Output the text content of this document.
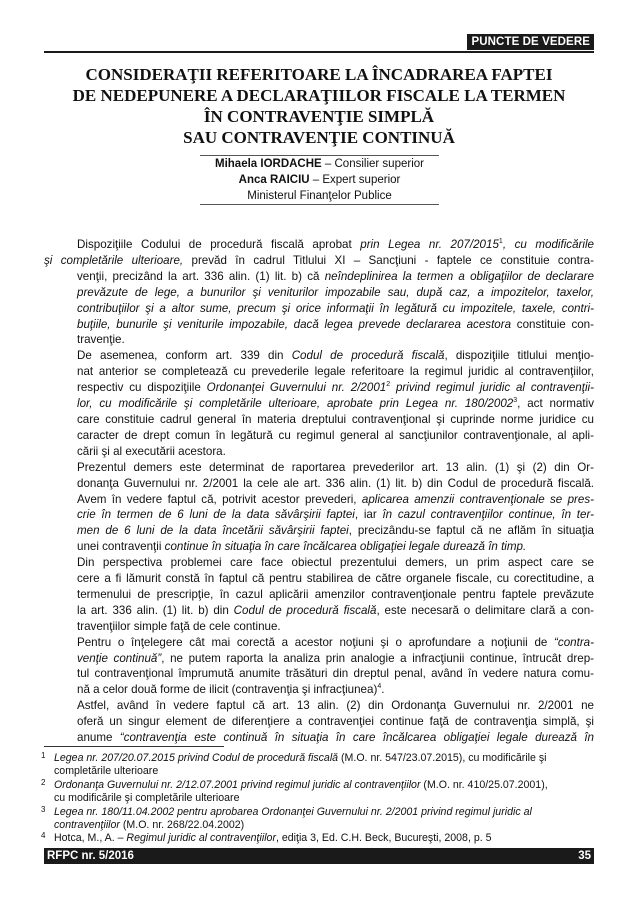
PUNCTE DE VEDERE
CONSIDERAŢII REFERITOARE LA ÎNCADRAREA FAPTEI
DE NEDEPUNERE A DECLARAŢIILOR FISCALE LA TERMEN
ÎN CONTRAVENŢIE SIMPLĂ
SAU CONTRAVENŢIE CONTINUĂ
Mihaela IORDACHE – Consilier superior
Anca RAICIU – Expert superior
Ministerul Finanţelor Publice

Dispoziţiile Codului de procedură fiscală aprobat prin Legea nr. 207/2015$^1$, cu modificările
şi completările ulterioare, prevăd în cadrul Titlului XI – Sancţiuni - faptele ce constituie contra-
venţii, precizând la art. 336 alin. (1) lit. b) că neîndeplinirea la termen a obligaţiilor de declarare
prevăzute de lege, a bunurilor şi veniturilor impozabile sau, după caz, a impozitelor, taxelor,
contribuţiilor şi a altor sume, precum şi orice informaţii în legătură cu impozitele, taxele, contri-
buţiile, bunurile şi veniturile impozabile, dacă legea prevede declararea acestora constituie con-
travenţie.

De asemenea, conform art. 339 din Codul de procedură fiscală, dispoziţiile titlului menţio-
nat anterior se completează cu prevederile legale referitoare la regimul juridic al contravenţiilor,
respectiv cu dispoziţiile Ordonanţei Guvernului nr. 2/2001$^2$ privind regimul juridic al contravenţii-
lor, cu modificările şi completările ulterioare, aprobate prin Legea nr. 180/2002$^3$, act normativ
care constituie cadrul general în materia dreptului contravenţional şi cuprinde norme juridice cu
caracter de drept comun în legătură cu regimul general al sancţiunilor contravenţionale, al apli-
cării şi al executării acestora.

Prezentul demers este determinat de raportarea prevederilor art. 13 alin. (1) şi (2) din Or-
donanţa Guvernului nr. 2/2001 la cele ale art. 336 alin. (1) lit. b) din Codul de procedură fiscală.
Avem în vedere faptul că, potrivit acestor prevederi, aplicarea amenzii contravenţionale se pres-
crie în termen de 6 luni de la data săvârşirii faptei, iar în cazul contravenţiilor continue, în ter-
men de 6 luni de la data încetării săvârşirii faptei, precizându-se faptul că ne aflăm în situaţia
unei contravenţii continue în situaţia în care încălcarea obligaţiei legale durează în timp.

Din perspectiva problemei care face obiectul prezentului demers, un prim aspect care se
cere a fi lămurit constă în faptul că pentru stabilirea de către organele fiscale, cu corectitudine, a
termenului de prescripţie, în cazul aplicării amenzilor contravenţionale pentru faptele prevăzute
la art. 336 alin. (1) lit. b) din Codul de procedură fiscală, este necesară o delimitare clară a con-
travenţiilor simple faţă de cele continue.

Pentru o înţelegere cât mai corectă a acestor noţiuni şi o aprofundare a noţiunii de “contra-
venţie continuă”, ne putem raporta la analiza prin analogie a infracţiunii continue, întrucât drep-
tul contravenţional împrumută anumite trăsături din dreptul penal, având în vedere natura comu-
nă a celor două forme de ilicit (contravenţia şi infracţiunea)$^4$.

Astfel, având în vedere faptul că art. 13 alin. (2) din Ordonanţa Guvernului nr. 2/2001 ne
oferă un singur element de diferenţiere a contravenţiei continue faţă de contravenţia simplă, şi
anume “contravenţia este continuă în situaţia în care încălcarea obligaţiei legale durează în

1 Legea nr. 207/20.07.2015 privind Codul de procedură fiscală (M.O. nr. 547/23.07.2015), cu modificările şi
completările ulterioare
2 Ordonanţa Guvernului nr. 2/12.07.2001 privind regimul juridic al contravenţiilor (M.O. nr. 410/25.07.2001),
cu modificările şi completările ulterioare
3 Legea nr. 180/11.04.2002 pentru aprobarea Ordonanţei Guvernului nr. 2/2001 privind regimul juridic al
contravenţiilor (M.O. nr. 268/22.04.2002)
4 Hotca, M., A. – Regimul juridic al contravenţiilor, ediţia 3, Ed. C.H. Beck, Bucureşti, 2008, p. 5
RFPC nr. 5/2016	35
